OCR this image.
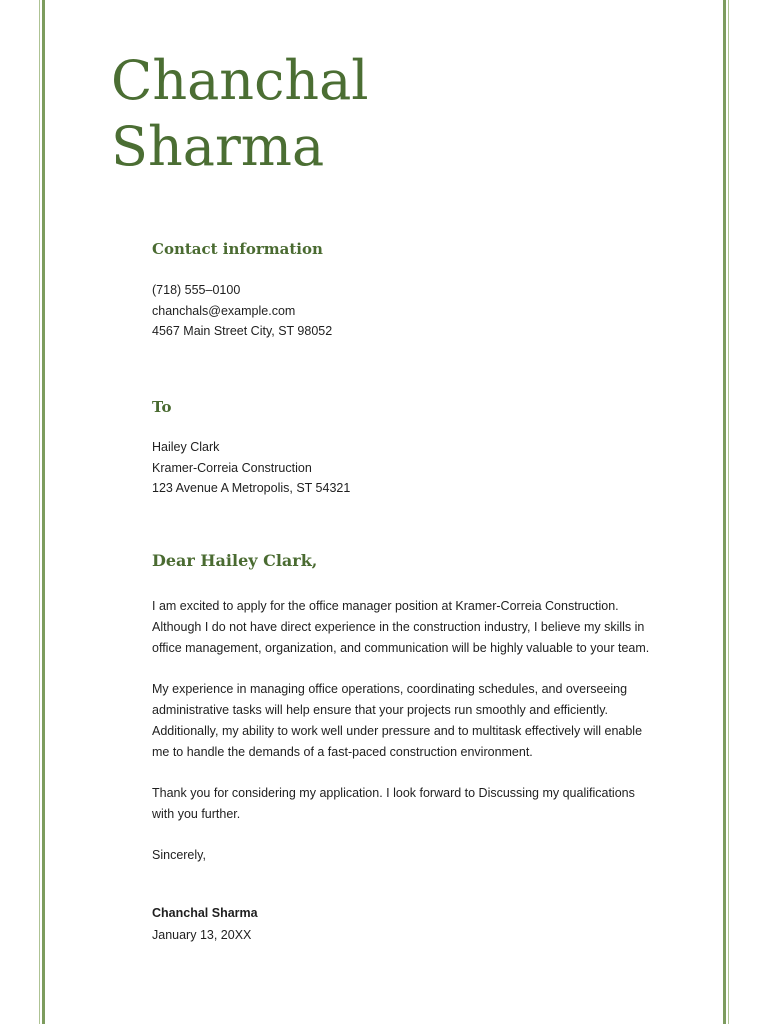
Chanchal
Sharma
Contact information
(718) 555–0100
chanchals@example.com
4567 Main Street City, ST 98052
To
Hailey Clark
Kramer-Correia Construction
123 Avenue A Metropolis, ST 54321
Dear Hailey Clark,

I am excited to apply for the office manager position at Kramer-Correia Construction. Although I do not have direct experience in the construction industry, I believe my skills in office management, organization, and communication will be highly valuable to your team.

My experience in managing office operations, coordinating schedules, and overseeing administrative tasks will help ensure that your projects run smoothly and efficiently. Additionally, my ability to work well under pressure and to multitask effectively will enable me to handle the demands of a fast-paced construction environment.

Thank you for considering my application. I look forward to Discussing my qualifications with you further.

Sincerely,
Chanchal Sharma
January 13, 20XX
